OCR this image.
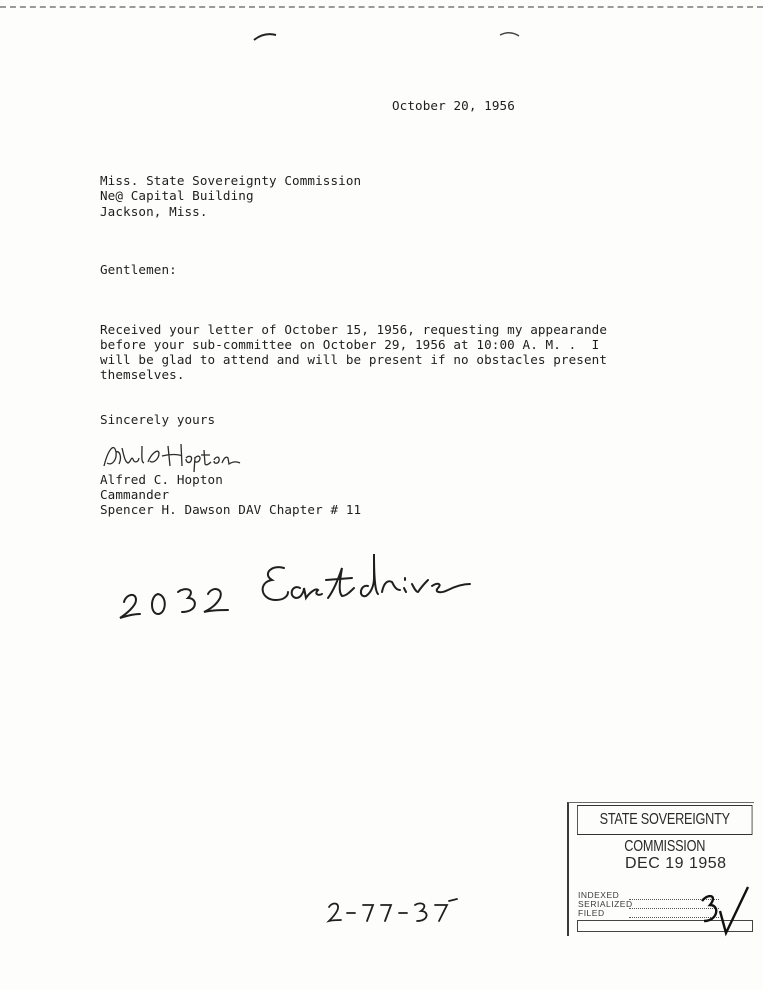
October 20, 1956
Miss. State Sovereignty Commission
Ne@ Capital Building
Jackson, Miss.
Gentlemen:
Received your letter of October 15, 1956, requesting my appearande
before your sub-committee on October 29, 1956 at 10:00 A. M. .  I
will be glad to attend and will be present if no obstacles present
themselves.
Sincerely yours
Alfred C. Hopton
Cammander
Spencer H. Dawson DAV Chapter # 11
STATE SOVEREIGNTY COMMISSION
DEC 19 1958
INDEXED
SERIALIZED
FILED
